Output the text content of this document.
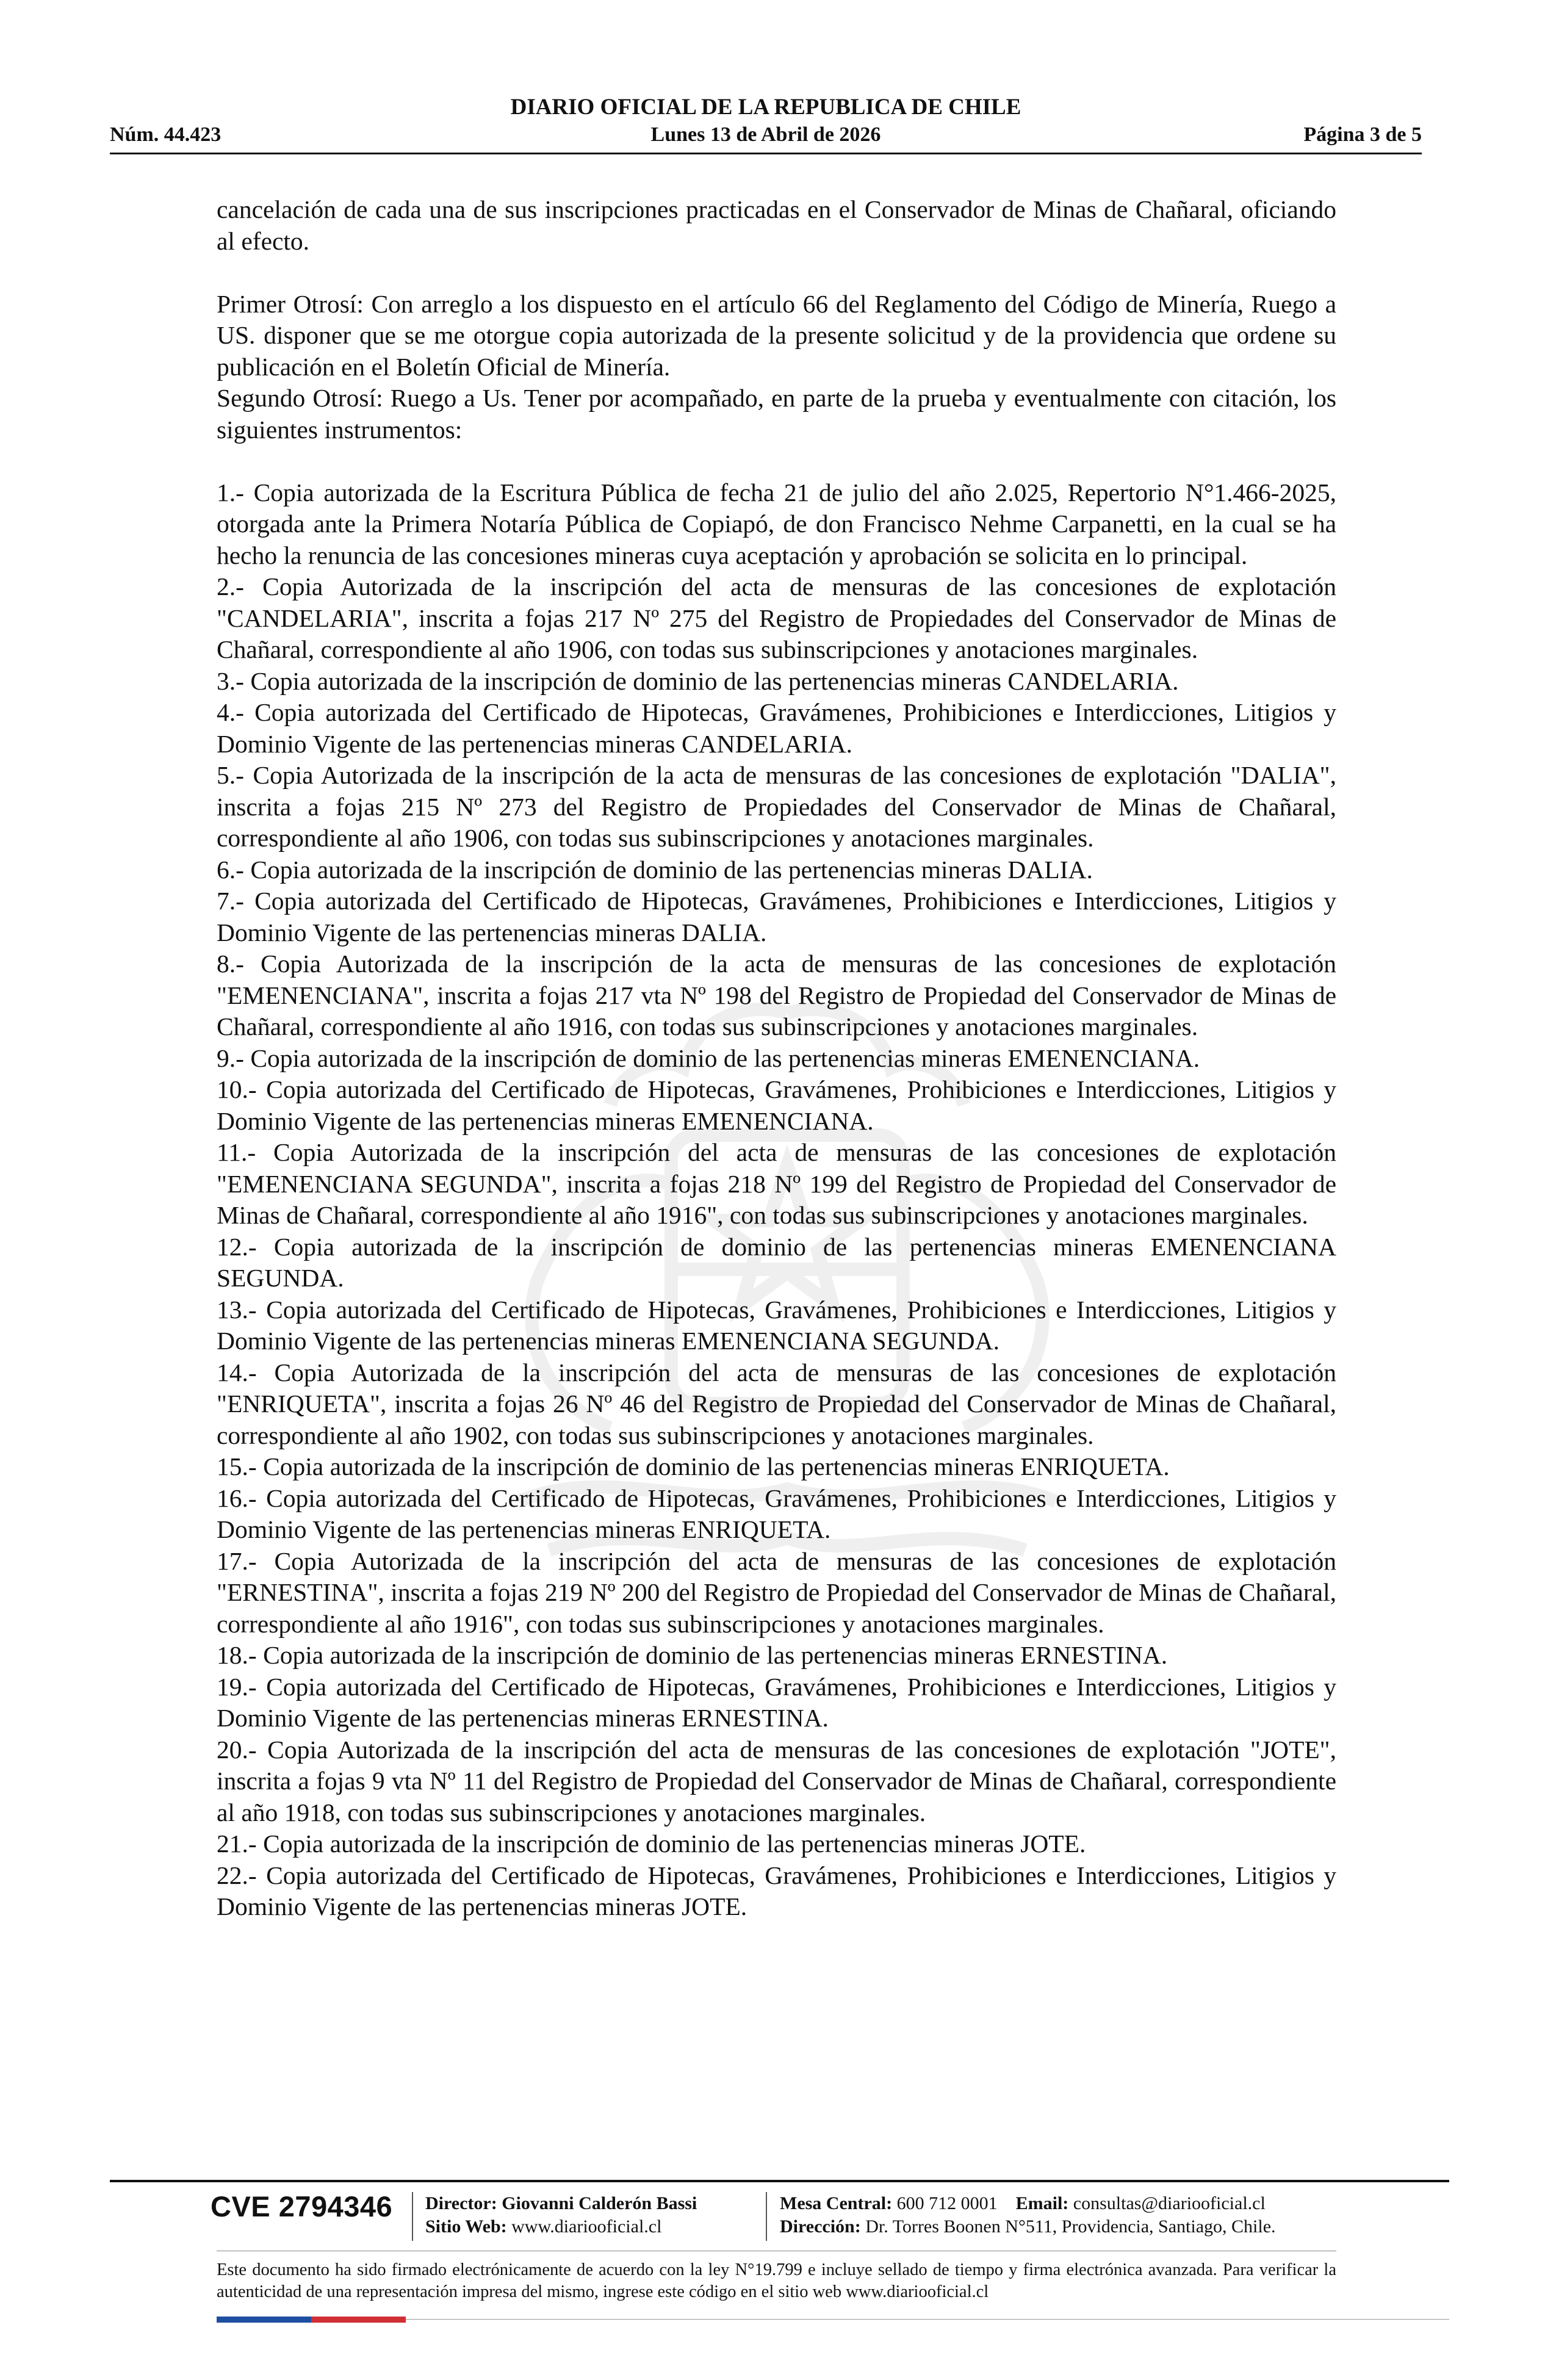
DIARIO OFICIAL DE LA REPUBLICA DE CHILE
Núm. 44.423	Lunes 13 de Abril de 2026	Página 3 de 5

cancelación de cada una de sus inscripciones practicadas en el Conservador de Minas de Chañaral, oficiando al efecto.

Primer Otrosí: Con arreglo a los dispuesto en el artículo 66 del Reglamento del Código de Minería, Ruego a US. disponer que se me otorgue copia autorizada de la presente solicitud y de la providencia que ordene su publicación en el Boletín Oficial de Minería.

Segundo Otrosí: Ruego a Us. Tener por acompañado, en parte de la prueba y eventualmente con citación, los siguientes instrumentos:

1.- Copia autorizada de la Escritura Pública de fecha 21 de julio del año 2.025, Repertorio N°1.466-2025, otorgada ante la Primera Notaría Pública de Copiapó, de don Francisco Nehme Carpanetti, en la cual se ha hecho la renuncia de las concesiones mineras cuya aceptación y aprobación se solicita en lo principal.

2.- Copia Autorizada de la inscripción del acta de mensuras de las concesiones de explotación "CANDELARIA", inscrita a fojas 217 Nº 275 del Registro de Propiedades del Conservador de Minas de Chañaral, correspondiente al año 1906, con todas sus subinscripciones y anotaciones marginales.

3.- Copia autorizada de la inscripción de dominio de las pertenencias mineras CANDELARIA.

4.- Copia autorizada del Certificado de Hipotecas, Gravámenes, Prohibiciones e Interdicciones, Litigios y Dominio Vigente de las pertenencias mineras CANDELARIA.

5.- Copia Autorizada de la inscripción de la acta de mensuras de las concesiones de explotación "DALIA", inscrita a fojas 215 Nº 273 del Registro de Propiedades del Conservador de Minas de Chañaral, correspondiente al año 1906, con todas sus subinscripciones y anotaciones marginales.

6.- Copia autorizada de la inscripción de dominio de las pertenencias mineras DALIA.

7.- Copia autorizada del Certificado de Hipotecas, Gravámenes, Prohibiciones e Interdicciones, Litigios y Dominio Vigente de las pertenencias mineras DALIA.

8.- Copia Autorizada de la inscripción de la acta de mensuras de las concesiones de explotación "EMENENCIANA", inscrita a fojas 217 vta Nº 198 del Registro de Propiedad del Conservador de Minas de Chañaral, correspondiente al año 1916, con todas sus subinscripciones y anotaciones marginales.

9.- Copia autorizada de la inscripción de dominio de las pertenencias mineras EMENENCIANA.

10.- Copia autorizada del Certificado de Hipotecas, Gravámenes, Prohibiciones e Interdicciones, Litigios y Dominio Vigente de las pertenencias mineras EMENENCIANA.

11.- Copia Autorizada de la inscripción del acta de mensuras de las concesiones de explotación "EMENENCIANA SEGUNDA", inscrita a fojas 218 Nº 199 del Registro de Propiedad del Conservador de Minas de Chañaral, correspondiente al año 1916", con todas sus subinscripciones y anotaciones marginales.

12.- Copia autorizada de la inscripción de dominio de las pertenencias mineras EMENENCIANA SEGUNDA.

13.- Copia autorizada del Certificado de Hipotecas, Gravámenes, Prohibiciones e Interdicciones, Litigios y Dominio Vigente de las pertenencias mineras EMENENCIANA SEGUNDA.

14.- Copia Autorizada de la inscripción del acta de mensuras de las concesiones de explotación "ENRIQUETA", inscrita a fojas 26 Nº 46 del Registro de Propiedad del Conservador de Minas de Chañaral, correspondiente al año 1902, con todas sus subinscripciones y anotaciones marginales.

15.- Copia autorizada de la inscripción de dominio de las pertenencias mineras ENRIQUETA.

16.- Copia autorizada del Certificado de Hipotecas, Gravámenes, Prohibiciones e Interdicciones, Litigios y Dominio Vigente de las pertenencias mineras ENRIQUETA.

17.- Copia Autorizada de la inscripción del acta de mensuras de las concesiones de explotación "ERNESTINA", inscrita a fojas 219 Nº 200 del Registro de Propiedad del Conservador de Minas de Chañaral, correspondiente al año 1916", con todas sus subinscripciones y anotaciones marginales.

18.- Copia autorizada de la inscripción de dominio de las pertenencias mineras ERNESTINA.

19.- Copia autorizada del Certificado de Hipotecas, Gravámenes, Prohibiciones e Interdicciones, Litigios y Dominio Vigente de las pertenencias mineras ERNESTINA.

20.- Copia Autorizada de la inscripción del acta de mensuras de las concesiones de explotación "JOTE", inscrita a fojas 9 vta Nº 11 del Registro de Propiedad del Conservador de Minas de Chañaral, correspondiente al año 1918, con todas sus subinscripciones y anotaciones marginales.

21.- Copia autorizada de la inscripción de dominio de las pertenencias mineras JOTE.

22.- Copia autorizada del Certificado de Hipotecas, Gravámenes, Prohibiciones e Interdicciones, Litigios y Dominio Vigente de las pertenencias mineras JOTE.

CVE 2794346 Director: Giovanni Calderón Bassi
Sitio Web: www.diariooficial.cl
Mesa Central: 600 712 0001 Email: consultas@diariooficial.cl
Dirección: Dr. Torres Boonen N°511, Providencia, Santiago, Chile.
Este documento ha sido firmado electrónicamente de acuerdo con la ley N°19.799 e incluye sellado de tiempo y firma electrónica avanzada. Para verificar la autenticidad de una representación impresa del mismo, ingrese este código en el sitio web www.diariooficial.cl
